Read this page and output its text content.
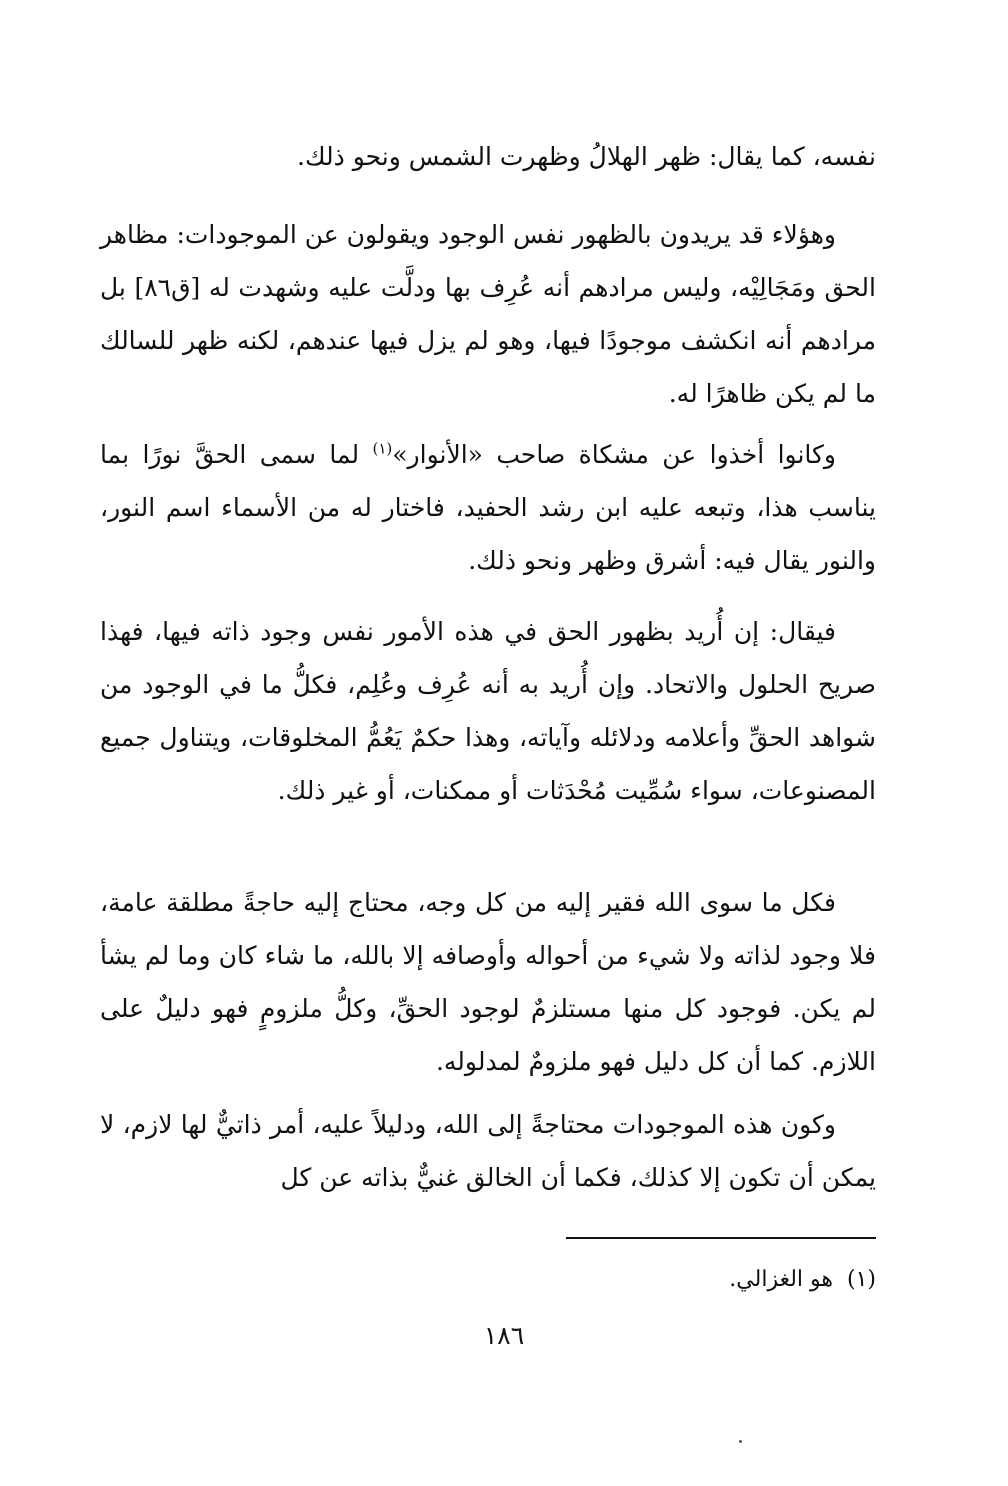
نفسه، كما يقال: ظهر الهلالُ وظهرت الشمس ونحو ذلك.

وهؤلاء قد يريدون بالظهور نفس الوجود ويقولون عن الموجودات: مظاهر الحق ومَجَالِيْه، وليس مرادهم أنه عُرِف بها ودلَّت عليه وشهدت له [ق٨٦] بل مرادهم أنه انكشف موجودًا فيها، وهو لم يزل فيها عندهم، لكنه ظهر للسالك ما لم يكن ظاهرًا له.

وكانوا أخذوا عن مشكاة صاحب «الأنوار»$^{(١)}$ لما سمى الحقَّ نورًا بما يناسب هذا، وتبعه عليه ابن رشد الحفيد، فاختار له من الأسماء اسم النور، والنور يقال فيه: أشرق وظهر ونحو ذلك.

فيقال: إن أُريد بظهور الحق في هذه الأمور نفس وجود ذاته فيها، فهذا صريح الحلول والاتحاد. وإن أُريد به أنه عُرِف وعُلِم، فكلُّ ما في الوجود من شواهد الحقِّ وأعلامه ودلائله وآياته، وهذا حكمٌ يَعُمُّ المخلوقات، ويتناول جميع المصنوعات، سواء سُمِّيت مُحْدَثات أو ممكنات، أو غير ذلك.

فكل ما سوى الله فقير إليه من كل وجه، محتاج إليه حاجةً مطلقة عامة، فلا وجود لذاته ولا شيء من أحواله وأوصافه إلا بالله، ما شاء كان وما لم يشأ لم يكن. فوجود كل منها مستلزمٌ لوجود الحقِّ، وكلُّ ملزومٍ فهو دليلٌ على اللازم. كما أن كل دليل فهو ملزومٌ لمدلوله.

وكون هذه الموجودات محتاجةً إلى الله، ودليلاً عليه، أمر ذاتيٌّ لها لازم، لا يمكن أن تكون إلا كذلك، فكما أن الخالق غنيٌّ بذاته عن كل

(١)هو الغزالي.
١٨٦
